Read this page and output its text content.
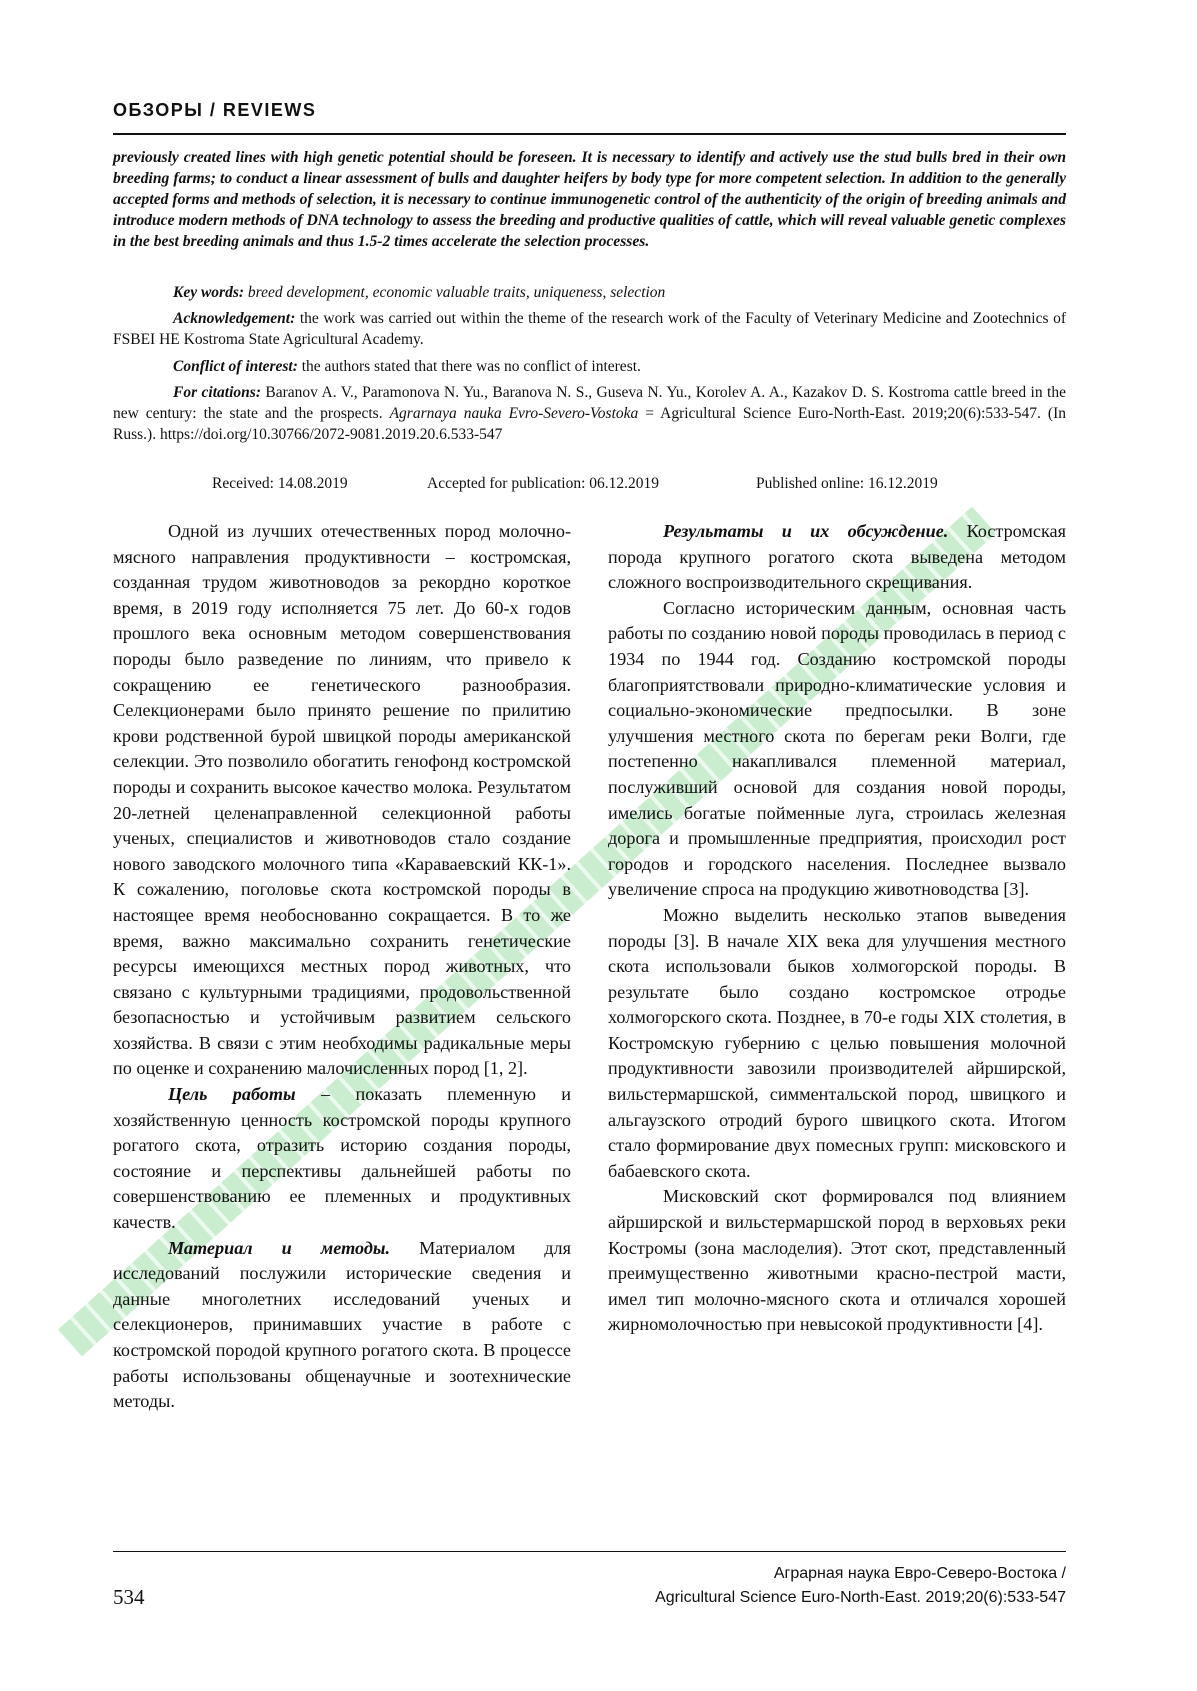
ОБЗОРЫ / REVIEWS
previously created lines with high genetic potential should be foreseen. It is necessary to identify and actively use the stud bulls bred in their own breeding farms; to conduct a linear assessment of bulls and daughter heifers by body type for more competent selection. In addition to the generally accepted forms and methods of selection, it is necessary to continue immunogenetic control of the authenticity of the origin of breeding animals and introduce modern methods of DNA technology to assess the breeding and productive qualities of cattle, which will reveal valuable genetic complexes in the best breeding animals and thus 1.5-2 times accelerate the selection processes.
Key words: breed development, economic valuable traits, uniqueness, selection
Acknowledgement: the work was carried out within the theme of the research work of the Faculty of Veterinary Medicine and Zootechnics of FSBEI HE Kostroma State Agricultural Academy.
Conflict of interest: the authors stated that there was no conflict of interest.
For citations: Baranov A. V., Paramonova N. Yu., Baranova N. S., Guseva N. Yu., Korolev A. A., Kazakov D. S. Kostroma cattle breed in the new century: the state and the prospects. Agrarnaya nauka Evro-Severo-Vostoka = Agricultural Science Euro-North-East. 2019;20(6):533-547. (In Russ.). https://doi.org/10.30766/2072-9081.2019.20.6.533-547
Received: 14.08.2019	Accepted for publication: 06.12.2019	Published online: 16.12.2019

Одной из лучших отечественных пород молочно-мясного направления продуктивности – костромская, созданная трудом животноводов за рекордно короткое время, в 2019 году исполняется 75 лет. До 60-х годов прошлого века основным методом совершенствования породы было разведение по линиям, что привело к сокращению ее генетического разнообразия. Селекционерами было принято решение по прилитию крови родственной бурой швицкой породы американской селекции. Это позволило обогатить генофонд костромской породы и сохранить высокое качество молока. Результатом 20-летней целенаправленной селекционной работы ученых, специалистов и животноводов стало создание нового заводского молочного типа «Караваевский КК-1». К сожалению, поголовье скота костромской породы в настоящее время необоснованно сокращается. В то же время, важно максимально сохранить генетические ресурсы имеющихся местных пород животных, что связано с культурными традициями, продовольственной безопасностью и устойчивым развитием сельского хозяйства. В связи с этим необходимы радикальные меры по оценке и сохранению малочисленных пород [1, 2].

Цель работы – показать племенную и хозяйственную ценность костромской породы крупного рогатого скота, отразить историю создания породы, состояние и перспективы дальнейшей работы по совершенствованию ее племенных и продуктивных качеств.

Материал и методы. Материалом для исследований послужили исторические сведения и данные многолетних исследований ученых и селекционеров, принимавших участие в работе с костромской породой крупного рогатого скота. В процессе работы использованы общенаучные и зоотехнические методы.

Результаты и их обсуждение. Костромская порода крупного рогатого скота выведена методом сложного воспроизводительного скрещивания.

Согласно историческим данным, основная часть работы по созданию новой породы проводилась в период с 1934 по 1944 год. Созданию костромской породы благоприятствовали природно-климатические условия и социально-экономические предпосылки. В зоне улучшения местного скота по берегам реки Волги, где постепенно накапливался племенной материал, послуживший основой для создания новой породы, имелись богатые пойменные луга, строилась железная дорога и промышленные предприятия, происходил рост городов и городского населения. Последнее вызвало увеличение спроса на продукцию животноводства [3].

Можно выделить несколько этапов выведения породы [3]. В начале XIX века для улучшения местного скота использовали быков холмогорской породы. В результате было создано костромское отродье холмогорского скота. Позднее, в 70-е годы XIX столетия, в Костромскую губернию с целью повышения молочной продуктивности завозили производителей айрширской, вильстермаршской, симментальской пород, швицкого и альгаузского отродий бурого швицкого скота. Итогом стало формирование двух помесных групп: мисковского и бабаевского скота.

Мисковский скот формировался под влиянием айрширской и вильстермаршской пород в верховьях реки Костромы (зона маслоделия). Этот скот, представленный преимущественно животными красно-пестрой масти, имел тип молочно-мясного скота и отличался хорошей жирномолочностью при невысокой продуктивности [4].

534
Аграрная наука Евро-Северо-Востока /
Agricultural Science Euro-North-East. 2019;20(6):533-547
